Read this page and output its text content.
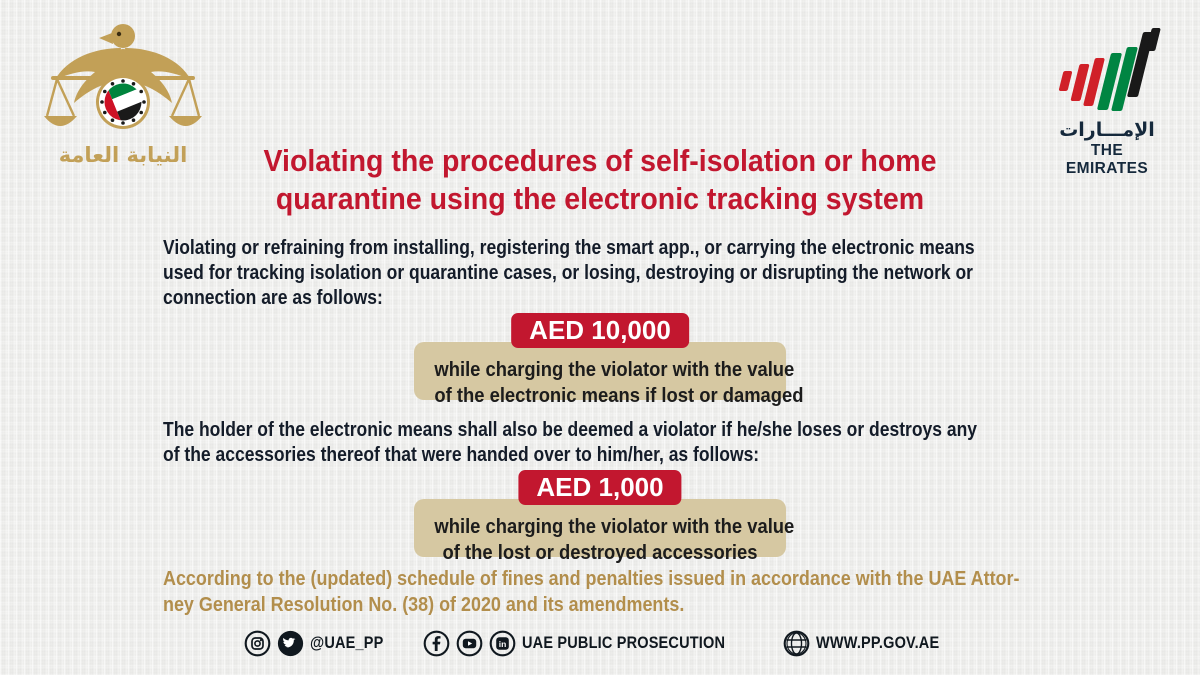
النيابة العامة
الإمـــارات
THE EMIRATES
Violating the procedures of self-isolation or home
quarantine using the electronic tracking system
Violating or refraining from installing, registering the smart app., or carrying the electronic means
used for tracking isolation or quarantine cases, or losing, destroying or disrupting the network or
connection are as follows:
AED 10,000
while charging the violator with the value
of the electronic means if lost or damaged
The holder of the electronic means shall also be deemed a violator if he/she loses or destroys any
of the accessories thereof that were handed over to him/her, as follows:
AED 1,000
while charging the violator with the value
of the lost or destroyed accessories
According to the (updated) schedule of fines and penalties issued in accordance with the UAE Attor-
ney General Resolution No. (38) of 2020 and its amendments.
@UAE_PP	in UAE PUBLIC PROSECUTION	WWW.PP.GOV.AE
